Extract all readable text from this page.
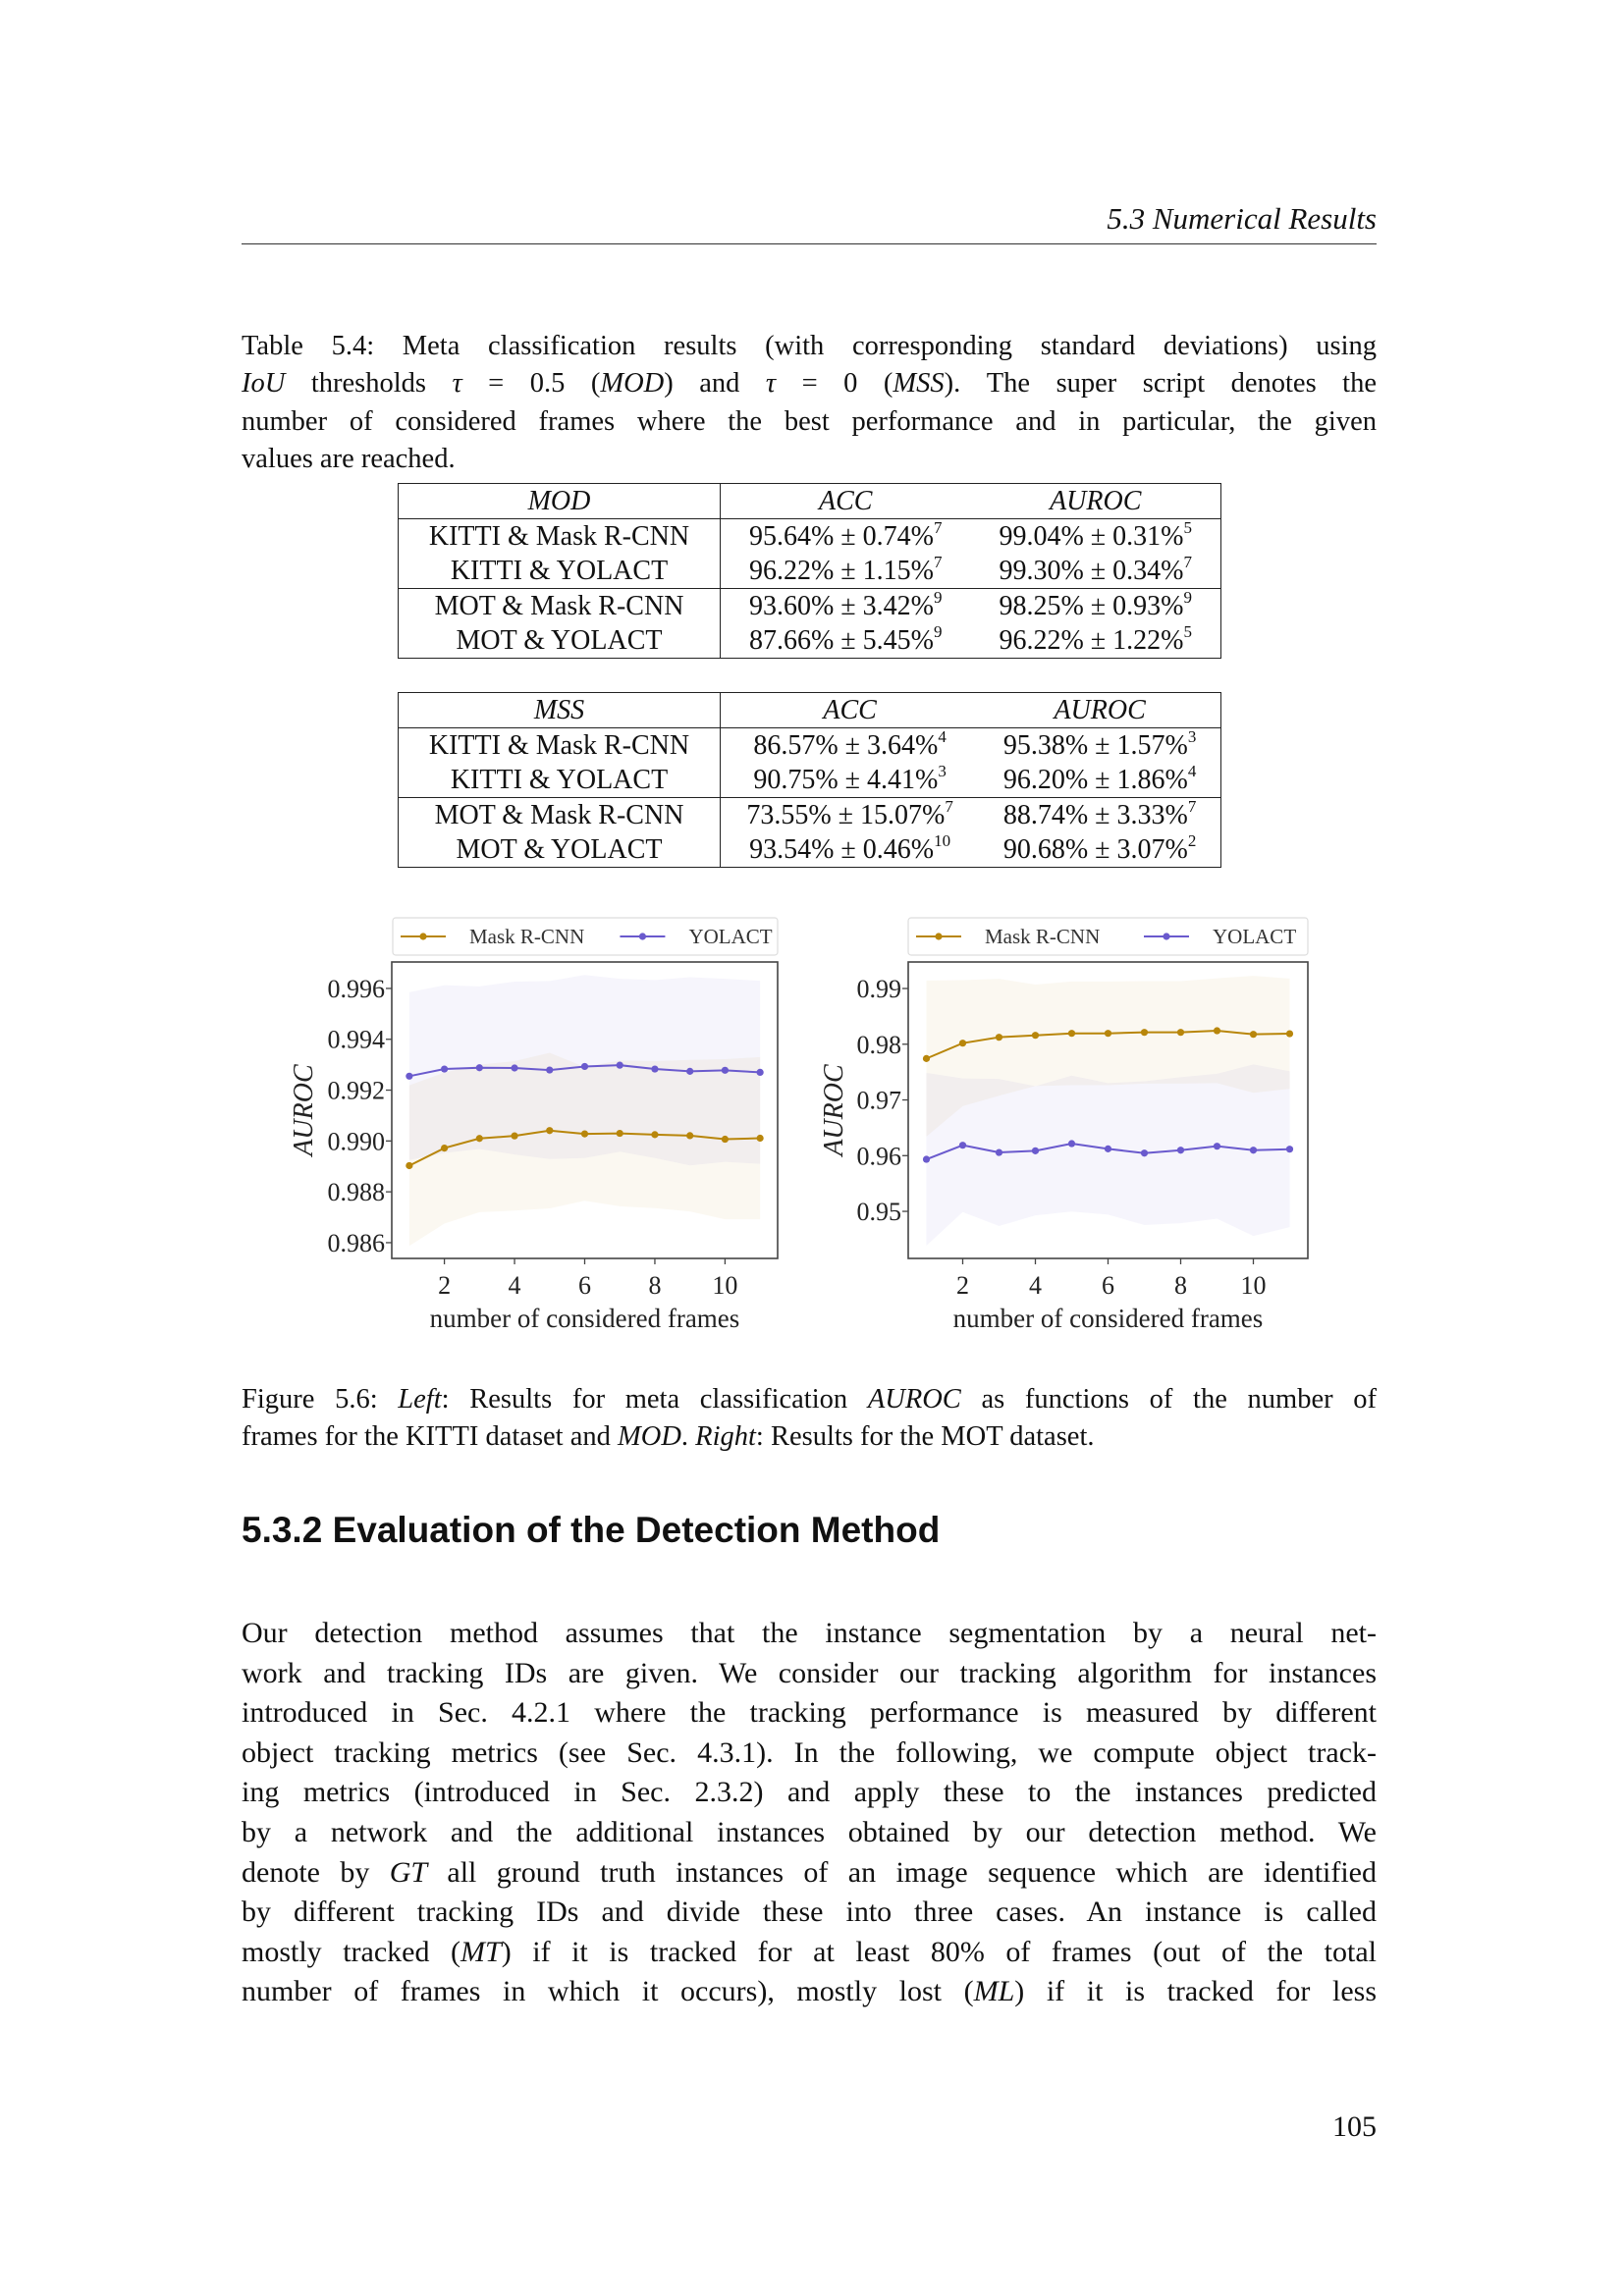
5.3 Numerical Results
Table 5.4: Meta classification results (with corresponding standard deviations) using
IoU thresholds τ = 0.5 (MOD) and τ = 0 (MSS). The super script denotes the
number of considered frames where the best performance and in particular, the given
values are reached.
MOD	ACC	AUROC
KITTI & Mask R-CNN	95.64% ± 0.74%$^7$	99.04% ± 0.31%$^5$
KITTI & YOLACT	96.22% ± 1.15%$^7$	99.30% ± 0.34%$^7$
MOT & Mask R-CNN	93.60% ± 3.42%$^9$	98.25% ± 0.93%$^9$
MOT & YOLACT	87.66% ± 5.45%$^9$	96.22% ± 1.22%$^5$
MSS	ACC	AUROC
KITTI & Mask R-CNN	86.57% ± 3.64%$^4$	95.38% ± 1.57%$^3$
KITTI & YOLACT	90.75% ± 4.41%$^3$	96.20% ± 1.86%$^4$
MOT & Mask R-CNN	73.55% ± 15.07%$^7$	88.74% ± 3.33%$^7$
MOT & YOLACT	93.54% ± 0.46%$^{10}$	90.68% ± 3.07%$^2$
0.986
0.988
0.990
0.992
0.994
0.996
2 4 6 8 10
number of considered frames
AUROC
Mask R-CNN	YOLACT
0.95
0.96
0.97
0.98
0.99
2 4 6 8 10
number of considered frames
AUROC
Mask R-CNN	YOLACT
Figure 5.6: Left: Results for meta classification AUROC as functions of the number of
frames for the KITTI dataset and MOD. Right: Results for the MOT dataset.
5.3.2 Evaluation of the Detection Method
Our detection method assumes that the instance segmentation by a neural net-
work and tracking IDs are given. We consider our tracking algorithm for instances
introduced in Sec. 4.2.1 where the tracking performance is measured by different
object tracking metrics (see Sec. 4.3.1). In the following, we compute object track-
ing metrics (introduced in Sec. 2.3.2) and apply these to the instances predicted
by a network and the additional instances obtained by our detection method. We
denote by GT all ground truth instances of an image sequence which are identified
by different tracking IDs and divide these into three cases. An instance is called
mostly tracked (MT) if it is tracked for at least 80% of frames (out of the total
number of frames in which it occurs), mostly lost (ML) if it is tracked for less
105
